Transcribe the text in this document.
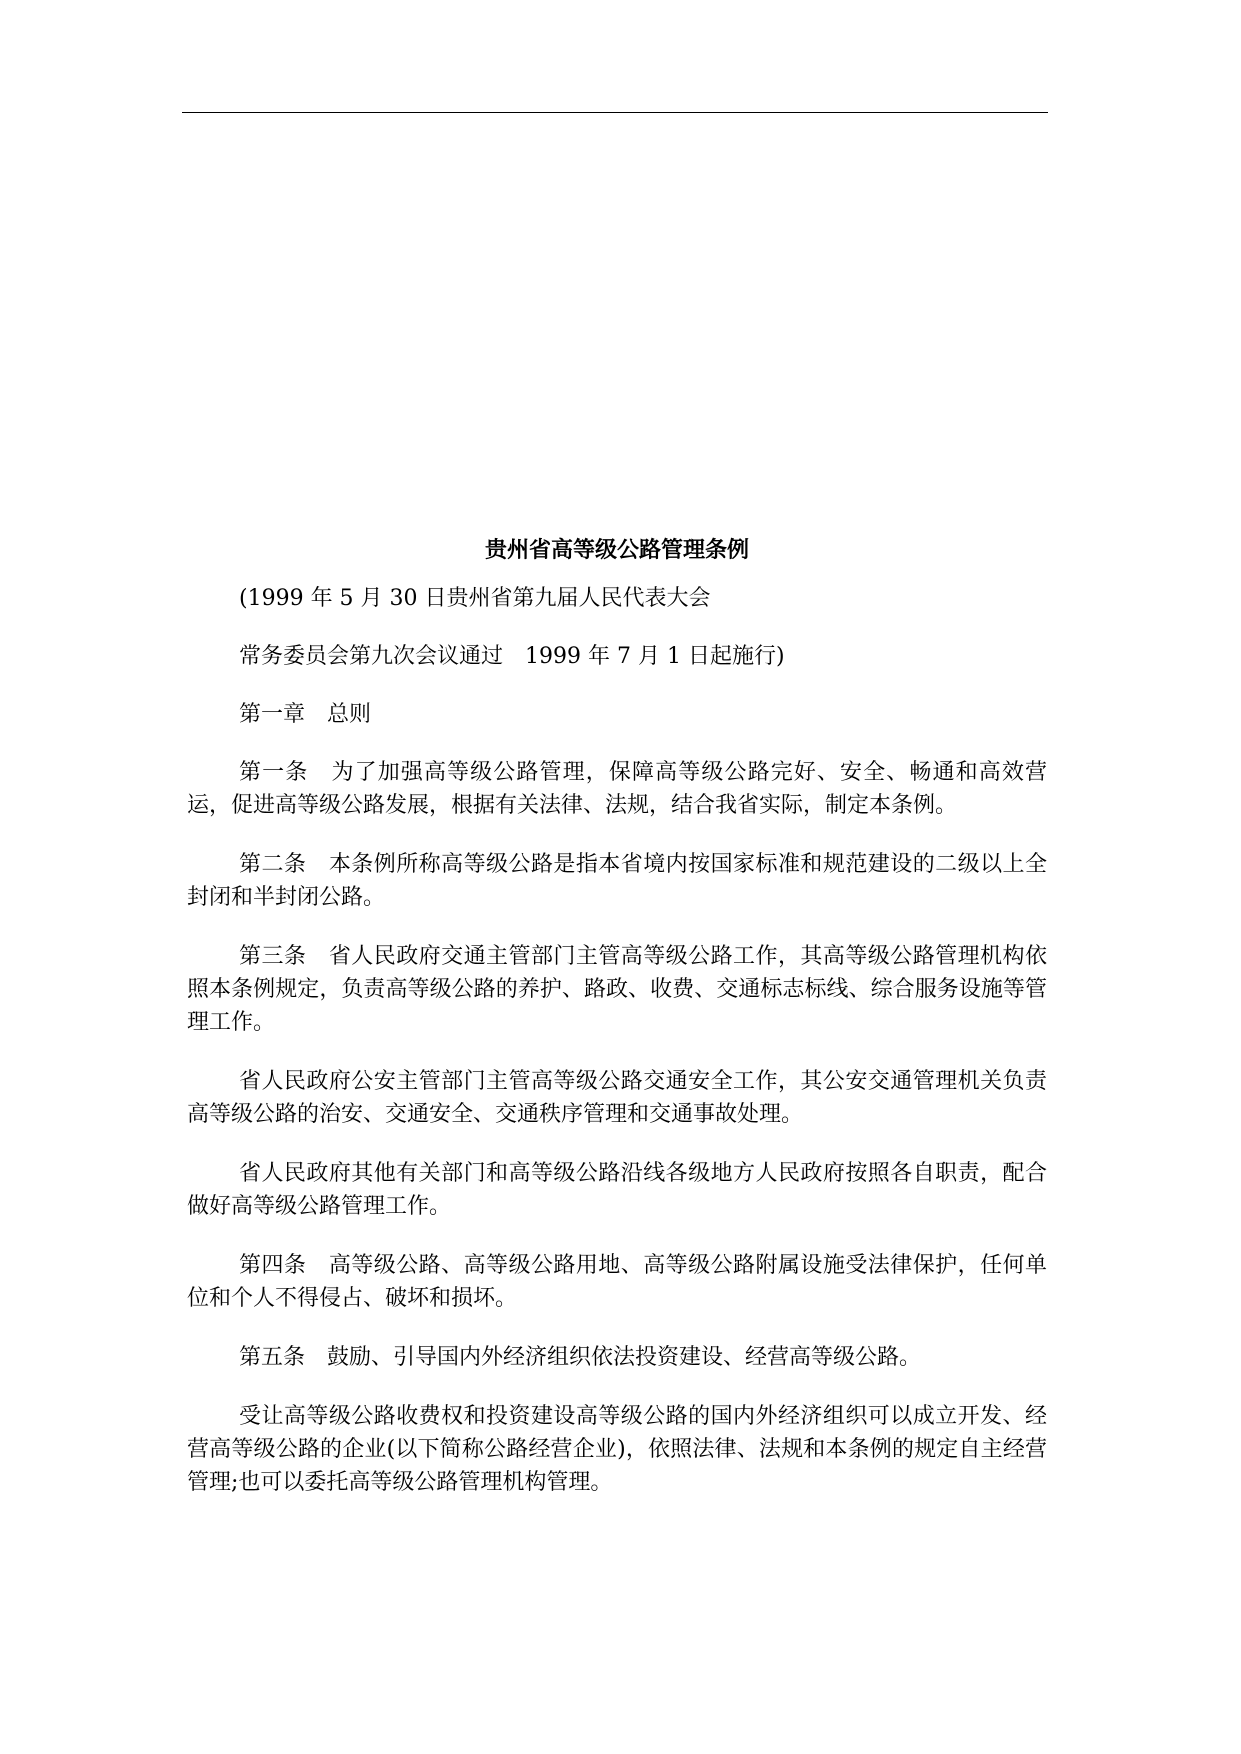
贵州省高等级公路管理条例

(1999 年 5 月 30 日贵州省第九届人民代表大会

常务委员会第九次会议通过　1999 年 7 月 1 日起施行)

第一章　总则

第一条　为了加强高等级公路管理，保障高等级公路完好、安全、畅通和高效营运，促进高等级公路发展，根据有关法律、法规，结合我省实际，制定本条例。

第二条　本条例所称高等级公路是指本省境内按国家标准和规范建设的二级以上全封闭和半封闭公路。

第三条　省人民政府交通主管部门主管高等级公路工作，其高等级公路管理机构依照本条例规定，负责高等级公路的养护、路政、收费、交通标志标线、综合服务设施等管理工作。

省人民政府公安主管部门主管高等级公路交通安全工作，其公安交通管理机关负责高等级公路的治安、交通安全、交通秩序管理和交通事故处理。

省人民政府其他有关部门和高等级公路沿线各级地方人民政府按照各自职责，配合做好高等级公路管理工作。

第四条　高等级公路、高等级公路用地、高等级公路附属设施受法律保护，任何单位和个人不得侵占、破坏和损坏。

第五条　鼓励、引导国内外经济组织依法投资建设、经营高等级公路。

受让高等级公路收费权和投资建设高等级公路的国内外经济组织可以成立开发、经营高等级公路的企业(以下简称公路经营企业)，依照法律、法规和本条例的规定自主经营管理;也可以委托高等级公路管理机构管理。
